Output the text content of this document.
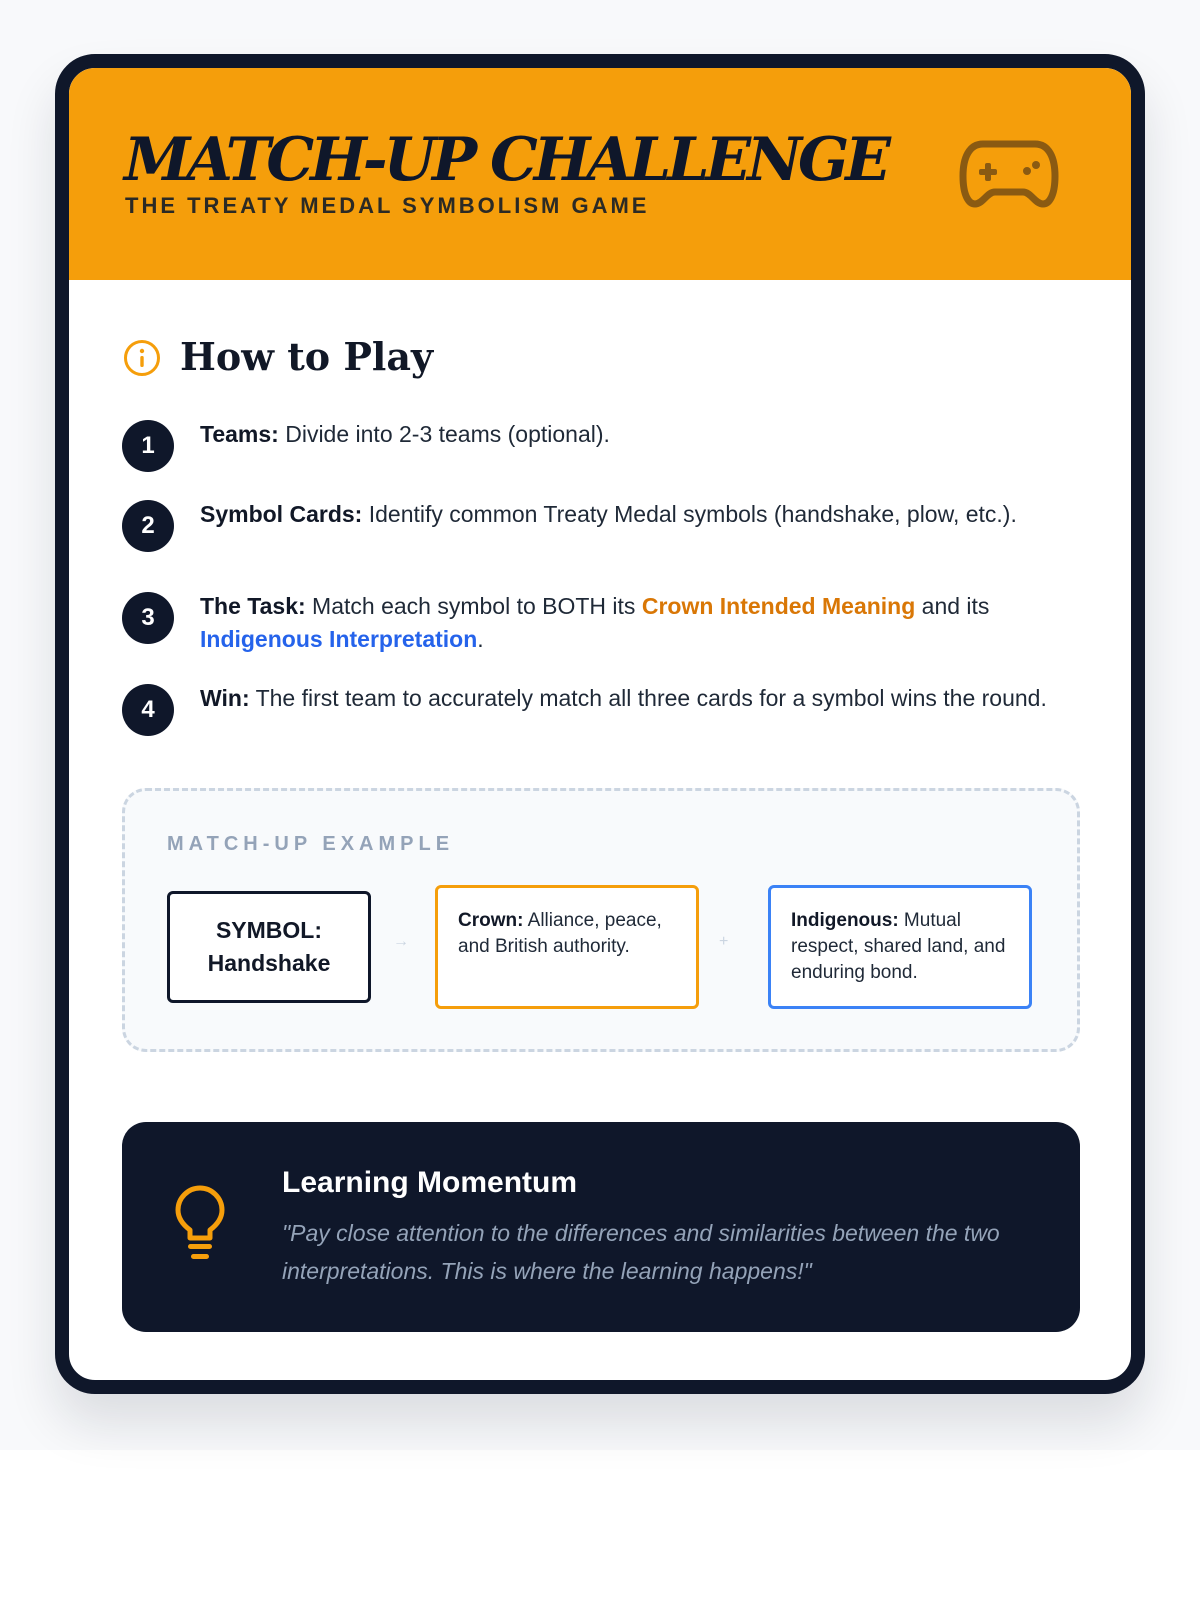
MATCH-UP CHALLENGE
THE TREATY MEDAL SYMBOLISM GAME
How to Play
1	Teams: Divide into 2-3 teams (optional).
2	Symbol Cards: Identify common Treaty Medal symbols (handshake, plow, etc.).
3	The Task: Match each symbol to BOTH its Crown Intended Meaning and its Indigenous Interpretation.
4	Win: The first team to accurately match all three cards for a symbol wins the round.
MATCH-UP EXAMPLE
SYMBOL:
Handshake
→
Crown: Alliance, peace, and British authority.	+
Indigenous: Mutual respect, shared land, and enduring bond.
Learning Momentum
"Pay close attention to the differences and similarities between the two interpretations. This is where the learning happens!"
